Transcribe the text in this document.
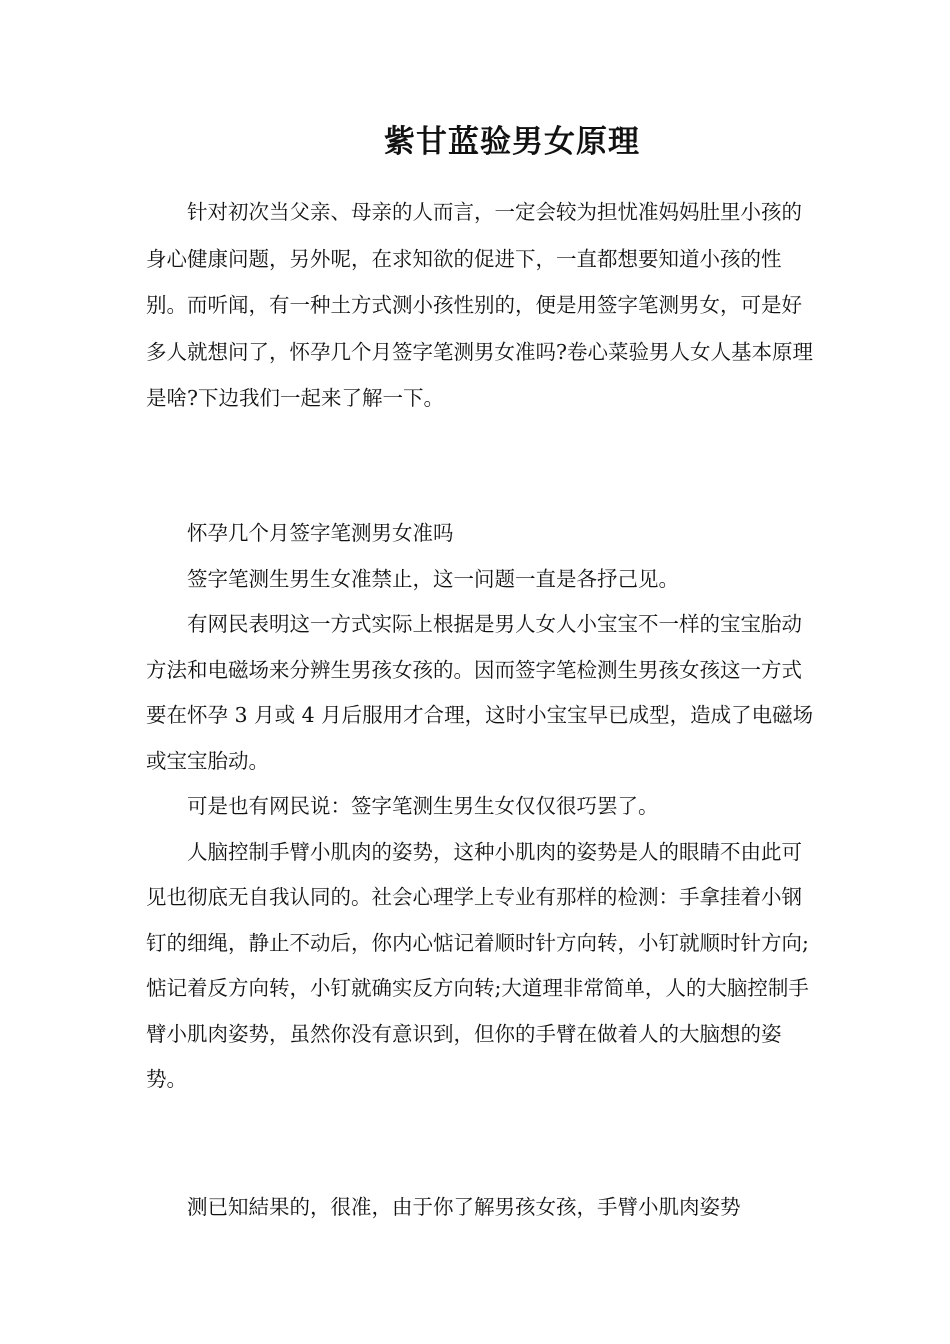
紫甘蓝验男女原理

针对初次当父亲、母亲的人而言，一定会较为担忧准妈妈肚里小孩的身心健康问题，另外呢，在求知欲的促进下，一直都想要知道小孩的性别。而听闻，有一种土方式测小孩性别的，便是用签字笔测男女，可是好多人就想问了，怀孕几个月签字笔测男女准吗?卷心菜验男人女人基本原理是啥?下边我们一起来了解一下。

怀孕几个月签字笔测男女准吗

签字笔测生男生女准禁止，这一问题一直是各抒己见。

有网民表明这一方式实际上根据是男人女人小宝宝不一样的宝宝胎动方法和电磁场来分辨生男孩女孩的。因而签字笔检测生男孩女孩这一方式要在怀孕 3 月或 4 月后服用才合理，这时小宝宝早已成型，造成了电磁场或宝宝胎动。

可是也有网民说：签字笔测生男生女仅仅很巧罢了。

人脑控制手臂小肌肉的姿势，这种小肌肉的姿势是人的眼睛不由此可见也彻底无自我认同的。社会心理学上专业有那样的检测：手拿挂着小钢钉的细绳，静止不动后，你内心惦记着顺时针方向转，小钉就顺时针方向;惦记着反方向转，小钉就确实反方向转;大道理非常简单，人的大脑控制手臂小肌肉姿势，虽然你没有意识到，但你的手臂在做着人的大脑想的姿势。

测已知結果的，很准，由于你了解男孩女孩，手臂小肌肉姿势
